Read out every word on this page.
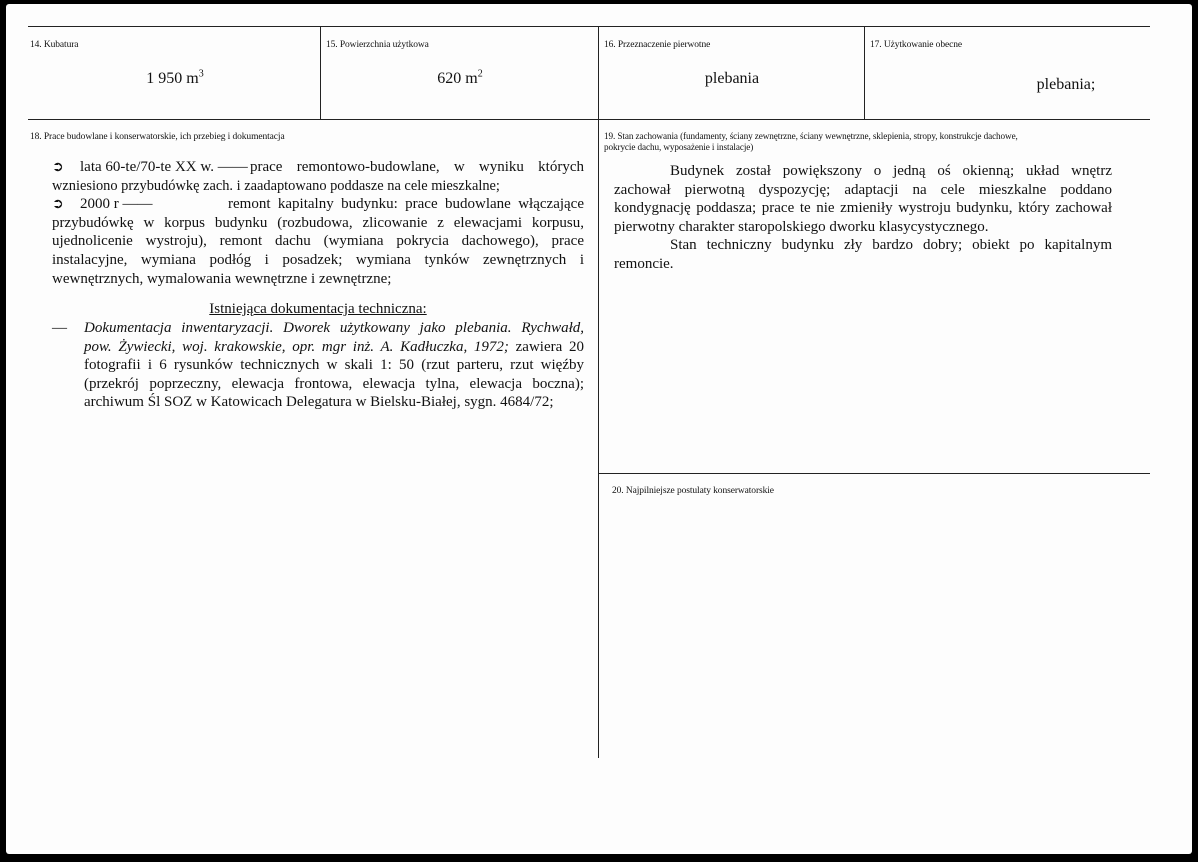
14. Kubatura
1 950 $m^3$
15. Powierzchnia użytkowa
620 $m^2$
16. Przeznaczenie pierwotne
plebania
17. Użytkowanie obecne
plebania;
18. Prace budowlane i konserwatorskie, ich przebieg i dokumentacja
➲	lata 60-te/70-te XX w. —— prace remontowo-budowlane, w wyniku których
wzniesiono przybudówkę zach. i zaadaptowano poddasze na cele mieszkalne;
➲	2000 r ——	remont kapitalny budynku: prace budowlane włączające
przybudówkę w korpus budynku (rozbudowa, zlicowanie z elewacjami korpusu,
ujednolicenie wystroju), remont dachu (wymiana pokrycia dachowego), prace
instalacyjne, wymiana podłóg i posadzek; wymiana tynków zewnętrznych i
wewnętrznych, wymalowania wewnętrzne i zewnętrzne;
Istniejąca dokumentacja techniczna:
—	Dokumentacja inwentaryzacji. Dworek użytkowany jako plebania. Rychwałd,
pow. Żywiecki, woj. krakowskie, opr. mgr inż. A. Kadłuczka, 1972; zawiera 20
fotografii i 6 rysunków technicznych w skali 1: 50 (rzut parteru, rzut więźby
(przekrój poprzeczny, elewacja frontowa, elewacja tylna, elewacja boczna);
archiwum Śl SOZ w Katowicach Delegatura w Bielsku-Białej, sygn. 4684/72;
19. Stan zachowania (fundamenty, ściany zewnętrzne, ściany wewnętrzne, sklepienia, stropy, konstrukcje dachowe,
pokrycie dachu, wyposażenie i instalacje)
Budynek został powiększony o jedną oś okienną; układ wnętrz
zachował pierwotną dyspozycję; adaptacji na cele mieszkalne poddano
kondygnację poddasza; prace te nie zmieniły wystroju budynku, który zachował
pierwotny charakter staropolskiego dworku klasycystycznego.
Stan techniczny budynku zły bardzo dobry; obiekt po kapitalnym
remoncie.
20. Najpilniejsze postulaty konserwatorskie
